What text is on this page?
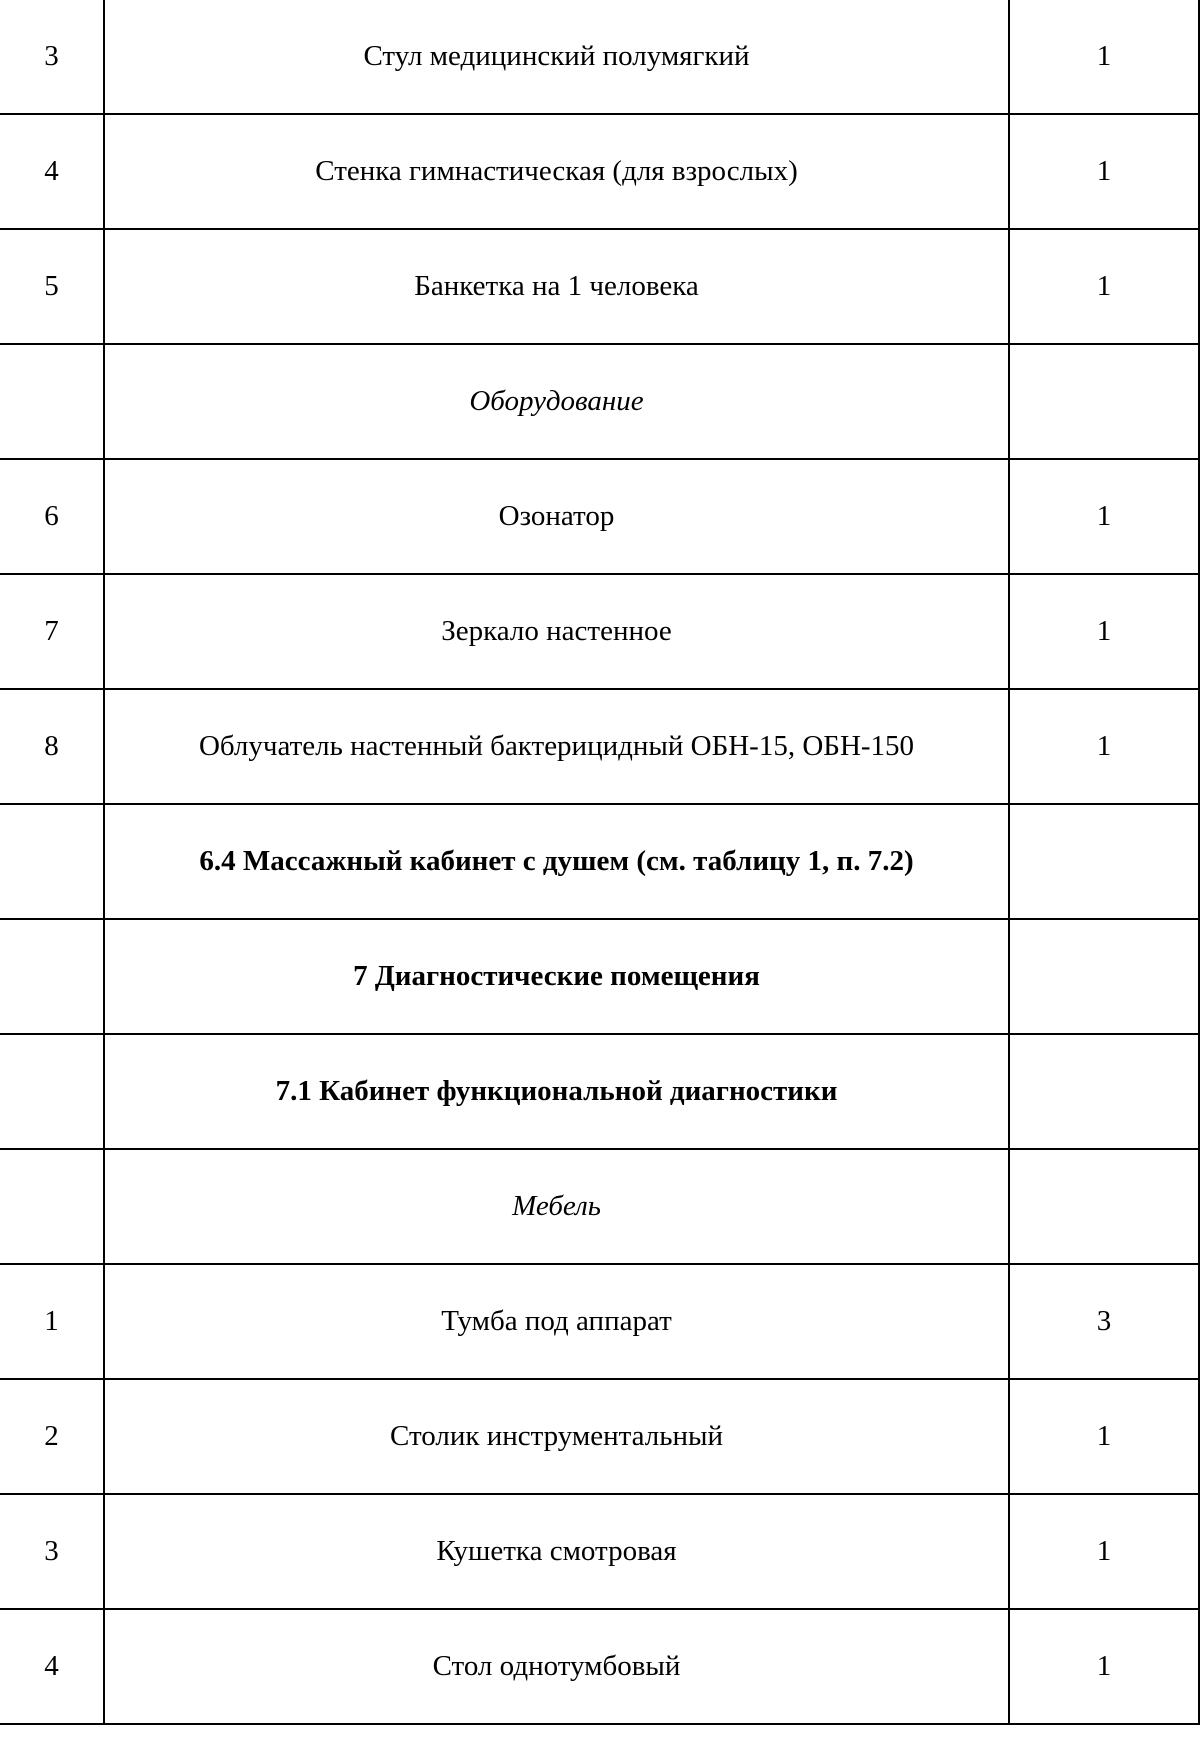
3	Стул медицинский полумягкий	1
4	Стенка гимнастическая (для взрослых)	1
5	Банкетка на 1 человека	1
	Оборудование	
6	Озонатор	1
7	Зеркало настенное	1
8	Облучатель настенный бактерицидный ОБН-15, ОБН-150	1
	6.4 Массажный кабинет с душем (см. таблицу 1, п. 7.2)	
	7 Диагностические помещения	
	7.1 Кабинет функциональной диагностики	
	Мебель	
1	Тумба под аппарат	3
2	Столик инструментальный	1
3	Кушетка смотровая	1
4	Стол однотумбовый	1
